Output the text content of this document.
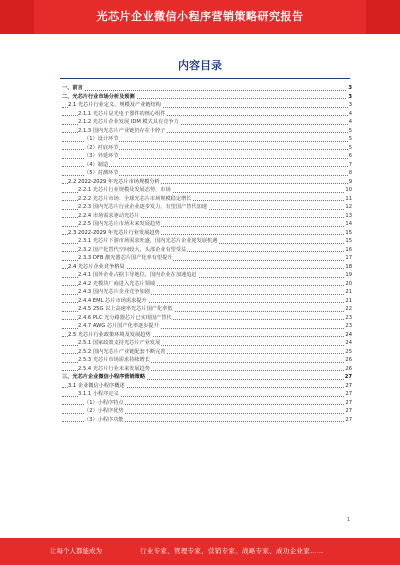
光芯片企业微信小程序营销策略研究报告
内容目录
一、前言	3
二、光芯片行业市场分析及预测	3
2.1 光芯片行业定义、规模及产业链结构	3
2.1.1 光芯片是光电子器件的核心组件	4
2.1.2 光芯片企业发展 IDM 模式具有竞争力	4
2.1.3 国内光芯片产业链仍存在卡脖子	5
（1）设计环节	5
（2）衬底环节	5
（3）外延环节	6
（4）制造	7
（5）封测环节	8
2.2 2022-2029 年光芯片市场规模分析	9
2.2.1 光芯片行业规模及发展态势，市场	10
2.2.2 光芯片市场：全球光芯片市场规模稳定增长	11
2.2.3 国内光芯片行业企业逐步发力，有望国产替代加速	12
2.2.4 市场需求驱动光芯片	13
2.2.5 国内光芯片市场未来发展趋势	14
2.3 2022-2029 年光芯片行业发展趋势	15
2.3.1 光芯片下游市场需求旺盛，国内光芯片企业迎发展机遇	15
2.3.2 国产化替代空间较大，头部企业有望受益	16
2.3.3 DFB 激光器芯片国产化率有望提升	17
2.4 光芯片企业竞争格局	18
2.4.1 国外企业占据主导地位，国内企业在加速追赶	19
2.4.2 光模块厂商进入光芯片领域	20
2.4.3 国内光芯片企业竞争加剧	21
2.4.4 EML 芯片市场需求提升	21
2.4.5 25G 以上高速率光芯片国产化率低	22
2.4.6 PLC 光分路器芯片已实现国产替代	23
2.4.7 AWG 芯片国产化率逐步提升	23
2.5 光芯片行业政策环境及发展趋势	24
2.5.1 国家政策支持光芯片产业发展	24
2.5.2 国内光芯片产业链配套不断完善	25
2.5.3 光芯片市场需求持续增长	26
2.5.4 光芯片行业未来发展趋势	26
三、光芯片企业微信小程序营销策略	27
3.1 企业微信小程序概述	27
3.1.1 小程序定义	27
（1）小程序特点	27
（2）小程序优势	27
（3）小程序功能	27
1
让每个人都能成为	行业专家、管理专家、营销专家、战略专家、成功企业家……
